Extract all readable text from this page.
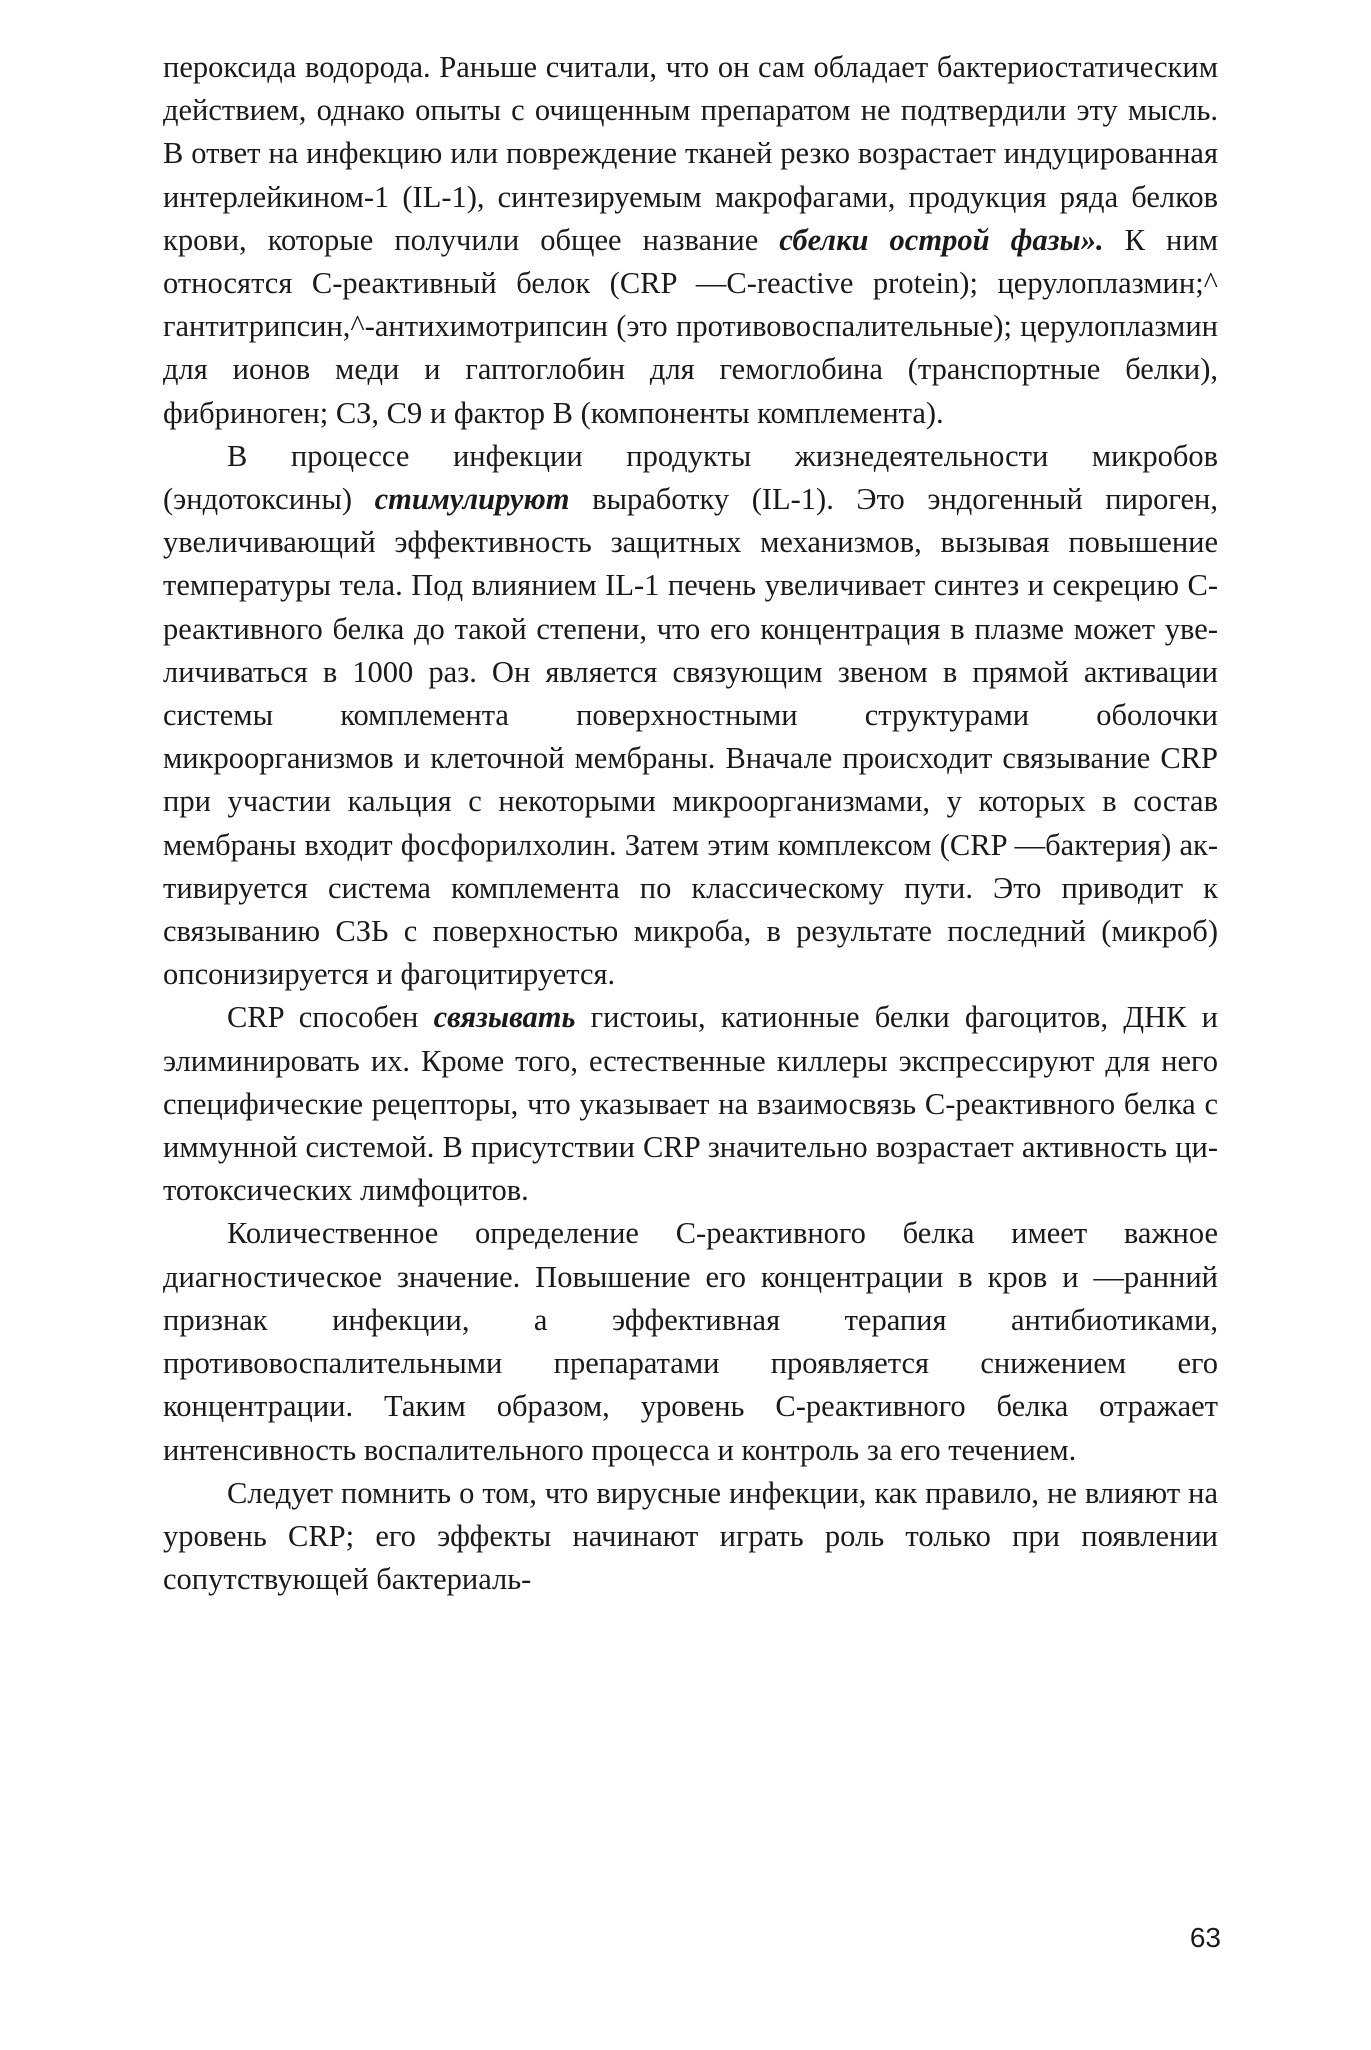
пероксида водорода. Раньше считали, что он сам обладает бактериостатическим действием, однако опыты с очищенным препаратом не подтвердили эту мысль. В ответ на инфекцию или повреждение тканей резко возрастает индуцированная интерлейкином-1 (IL-1), синтезируемым макрофагами, продукция ряда белков крови, которые получили общее название сбелки острой фазы». К ним относятся С-реактивный белок (CRP —C-reactive protein); церулоплазмин;^ гантитрипсин,^-антихимотрипсин (это противовоспалительные); церулоплазмин для ионов меди и гаптоглобин для гемоглобина (транспортные белки), фибриноген; СЗ, С9 и фактор В (компоненты комплемента).

В процессе инфекции продукты жизнедеятельности микробов (эндотоксины) стимулируют выработку (IL-1). Это эндогенный пироген, увеличивающий эффективность защитных механизмов, вызывая повышение температуры тела. Под влиянием IL-1 печень увеличивает синтез и секрецию С-реактивного белка до такой степени, что его концентрация в плазме может увеличиваться в 1000 раз. Он является связующим звеном в прямой активации системы комплемента поверхностными структурами оболочки микроорганизмов и клеточной мембраны. Вначале происходит связывание CRP при участии кальция с некоторыми микроорганизмами, у которых в состав мембраны входит фосфорилхолин. Затем этим комплексом (CRP —бактерия) активируется система комплемента по классическому пути. Это приводит к связыванию СЗЬ с поверхностью микроба, в результате последний (микроб) опсонизируется и фагоцитируется.

CRP способен связывать гистоиы, катионные белки фагоцитов, ДНК и элиминировать их. Кроме того, естественные киллеры экспрессируют для него специфические рецепторы, что указывает на взаимосвязь С-реактивного белка с иммунной системой. В присутствии CRP значительно возрастает активность цитотоксических лимфоцитов.

Количественное определение С-реактивного белка имеет важное диагностическое значение. Повышение его концентрации в кров и —ранний признак инфекции, а эффективная терапия антибиотиками, противовоспалительными препаратами проявляется снижением его концентрации. Таким образом, уровень С-реактивного белка отражает интенсивность воспалительного процесса и контроль за его течением.

Следует помнить о том, что вирусные инфекции, как правило, не влияют на уровень CRP; его эффекты начинают играть роль только при появлении сопутствующей бактериаль-

63
